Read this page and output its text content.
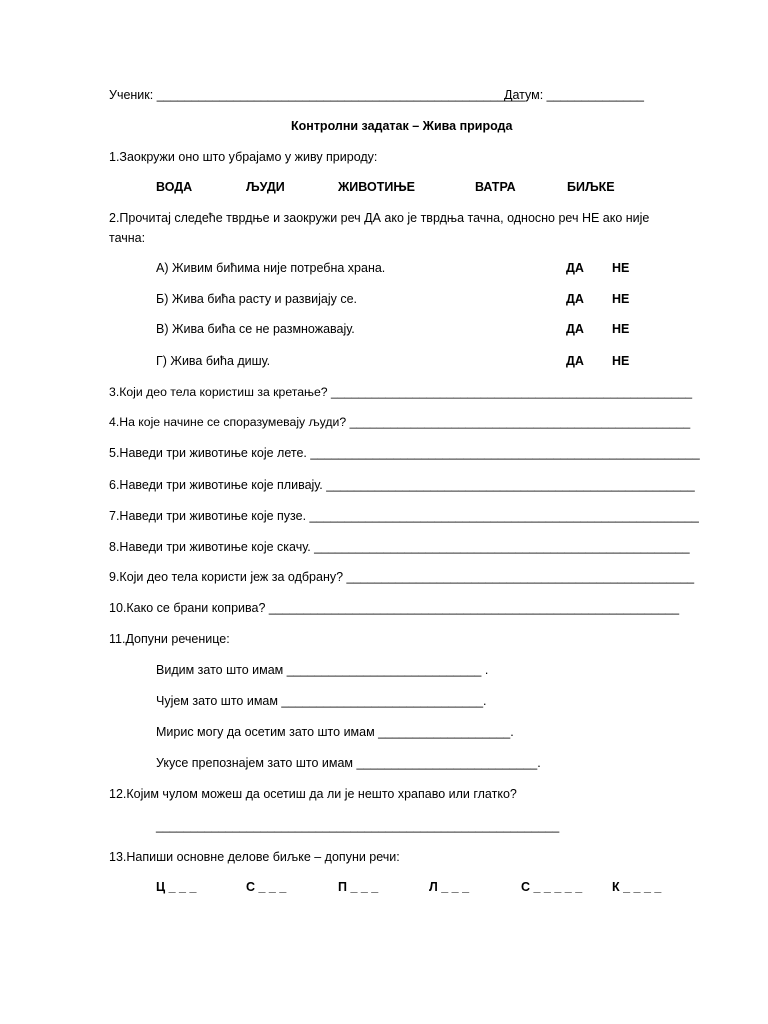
Ученик: _____________________________________________________
Датум: ______________
Контролни задатак – Жива природа
1.Заокружи оно што убрајамо у живу природу:
ВОДА	ЉУДИ	ЖИВОТИЊЕ	ВАТРА	БИЉКЕ
2.Прочитај следеће тврдње и заокружи реч ДА ако је тврдња тачна, односно реч НЕ ако није
тачна:
А) Живим бићима није потребна храна.	ДА НЕ
Б) Жива бића расту и развијају се.	ДА НЕ
В) Жива бића се не размножавају.	ДА НЕ
Г) Жива бића дишу.	ДА НЕ
3.Који део тела користиш за кретање? _____________________________________________________
4.На које начине се споразумевају људи? __________________________________________________
5.Наведи три животиње које лете. ________________________________________________________
6.Наведи три животиње које пливају. _____________________________________________________
7.Наведи три животиње које пузе. ________________________________________________________
8.Наведи три животиње које скачу. ______________________________________________________
9.Који део тела користи јеж за одбрану? __________________________________________________
10.Како се брани коприва? ___________________________________________________________
11.Допуни реченице:
Видим зато што имам ____________________________ .
Чујем зато што имам _____________________________.
Мирис могу да осетим зато што имам ___________________.
Укусе препознајем зато што имам __________________________.
12.Којим чулом можеш да осетиш да ли је нешто храпаво или глатко?
__________________________________________________________
13.Напиши основне делове биљке – допуни речи:
Ц _ _ _	С _ _ _	П _ _ _	Л _ _ _	С _ _ _ _ _ К _ _ _ _
